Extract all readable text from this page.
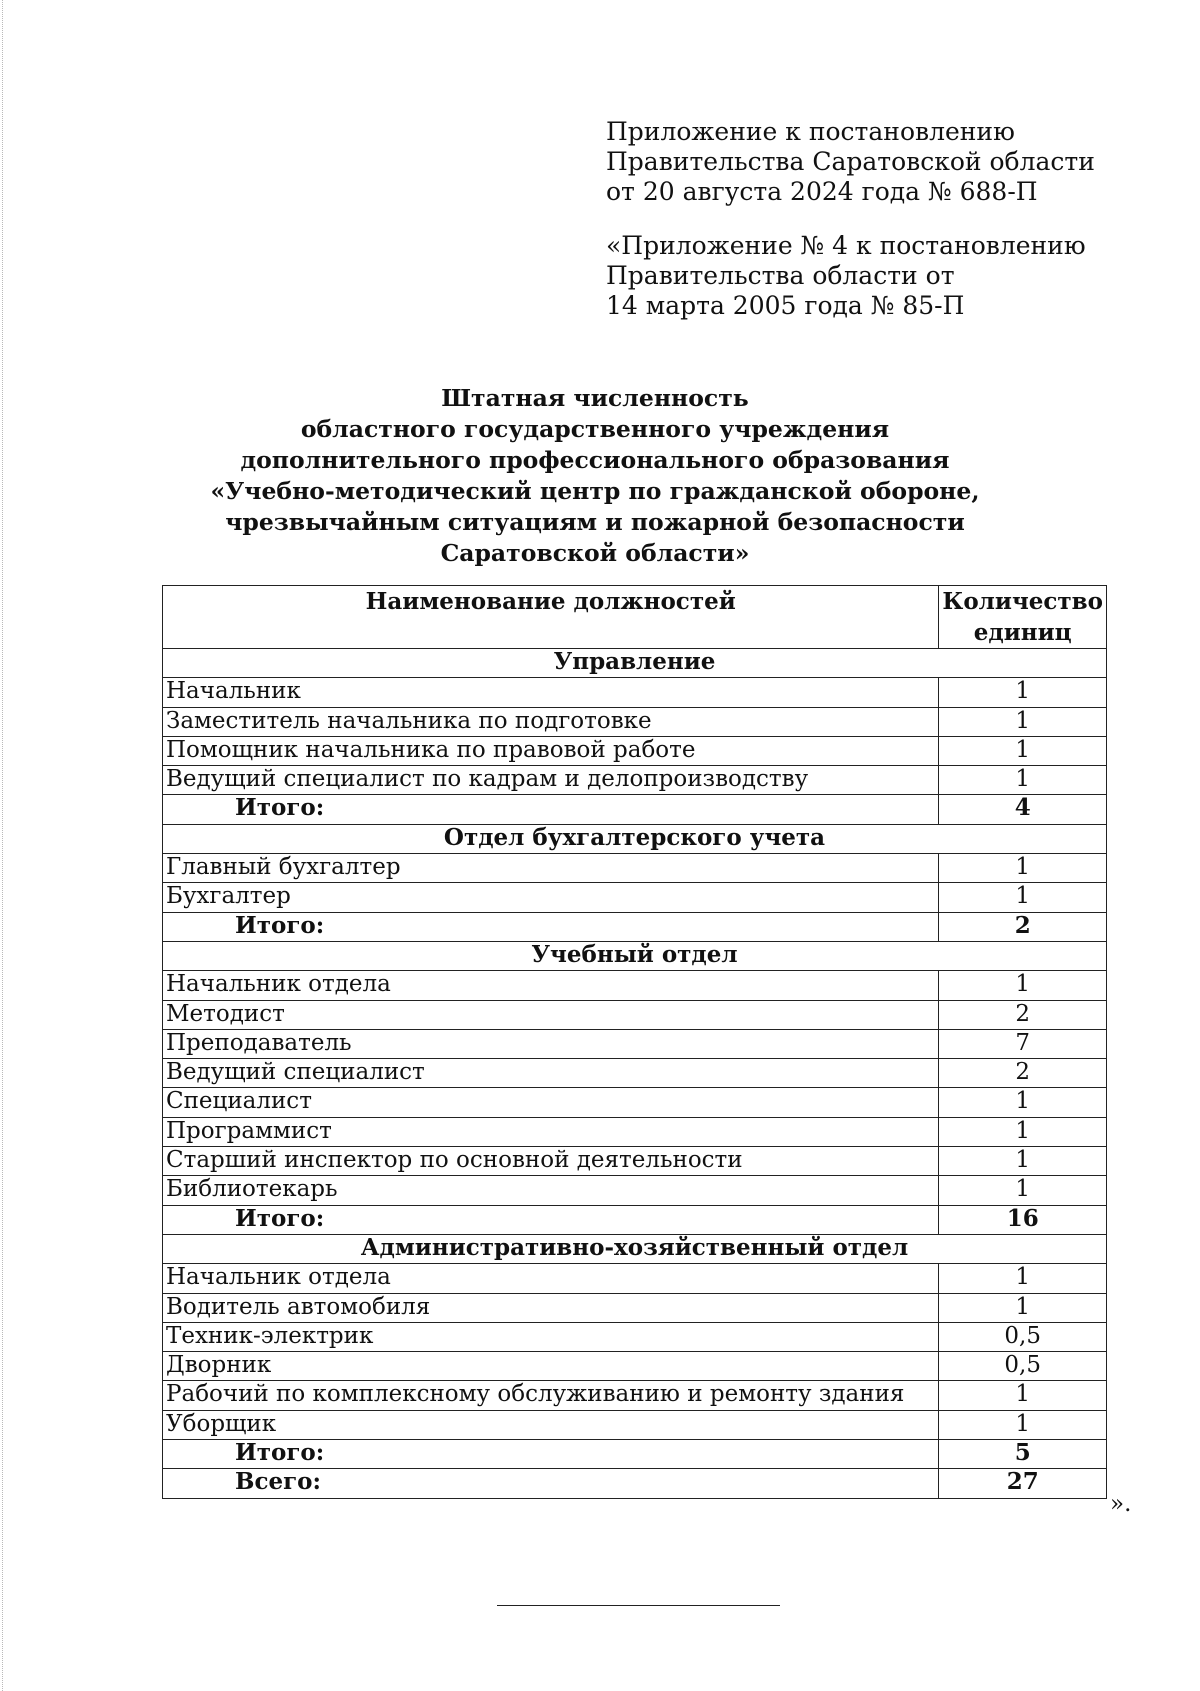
Приложение к постановлению
Правительства Саратовской области
от 20 августа 2024 года № 688-П
«Приложение № 4 к постановлению
Правительства области от
14 марта 2005 года № 85-П
Штатная численность
областного государственного учреждения
дополнительного профессионального образования
«Учебно-методический центр по гражданской обороне,
чрезвычайным ситуациям и пожарной безопасности
Саратовской области»
Наименование должностей	Количество единиц
Управление	
Начальник	1
Заместитель начальника по подготовке	1
Помощник начальника по правовой работе	1
Ведущий специалист по кадрам и делопроизводству	1
Итого:	4
Отдел бухгалтерского учета	
Главный бухгалтер	1
Бухгалтер	1
Итого:	2
Учебный отдел	
Начальник отдела	1
Методист	2
Преподаватель	7
Ведущий специалист	2
Специалист	1
Программист	1
Старший инспектор по основной деятельности	1
Библиотекарь	1
Итого:	16
Административно-хозяйственный отдел	
Начальник отдела	1
Водитель автомобиля	1
Техник-электрик	0,5
Дворник	0,5
Рабочий по комплексному обслуживанию и ремонту здания	1
Уборщик	1
Итого:	5
Всего:	27
».
